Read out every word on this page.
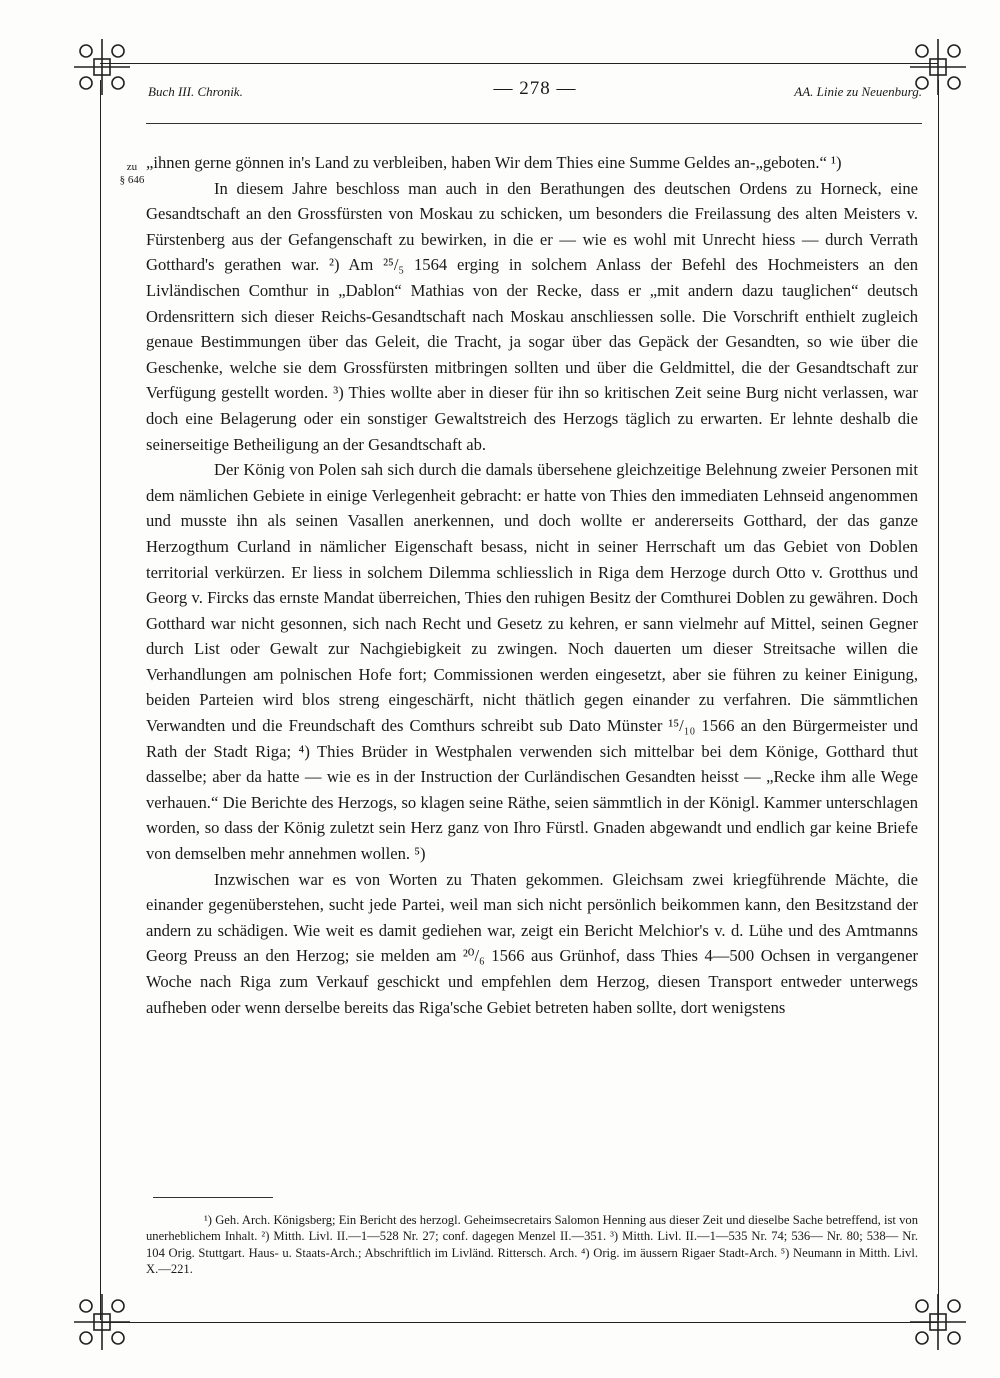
Buch III. Chronik.	— 278 —	AA. Linie zu Neuenburg.
zu
§ 646

„ihnen gerne gönnen in's Land zu verbleiben, haben Wir dem Thies eine Summe Geldes an-„geboten.“ ¹)

In diesem Jahre beschloss man auch in den Berathungen des deutschen Ordens zu Horneck, eine Gesandtschaft an den Grossfürsten von Moskau zu schicken, um besonders die Freilassung des alten Meisters v. Fürstenberg aus der Gefangenschaft zu bewirken, in die er — wie es wohl mit Unrecht hiess — durch Verrath Gotthard's gerathen war. ²) Am ²⁵/₅ 1564 erging in solchem Anlass der Befehl des Hochmeisters an den Livländischen Comthur in „Dablon“ Mathias von der Recke, dass er „mit andern dazu tauglichen“ deutsch Ordensrittern sich dieser Reichs-Gesandtschaft nach Moskau anschliessen solle. Die Vorschrift enthielt zugleich genaue Bestimmungen über das Geleit, die Tracht, ja sogar über das Gepäck der Gesandten, so wie über die Geschenke, welche sie dem Grossfürsten mitbringen sollten und über die Geldmittel, die der Gesandtschaft zur Verfügung gestellt worden. ³) Thies wollte aber in dieser für ihn so kritischen Zeit seine Burg nicht verlassen, war doch eine Belagerung oder ein sonstiger Gewaltstreich des Herzogs täglich zu erwarten. Er lehnte deshalb die seinerseitige Betheiligung an der Gesandtschaft ab.

Der König von Polen sah sich durch die damals übersehene gleichzeitige Belehnung zweier Personen mit dem nämlichen Gebiete in einige Verlegenheit gebracht: er hatte von Thies den immediaten Lehnseid angenommen und musste ihn als seinen Vasallen anerkennen, und doch wollte er andererseits Gotthard, der das ganze Herzogthum Curland in nämlicher Eigenschaft besass, nicht in seiner Herrschaft um das Gebiet von Doblen territorial verkürzen. Er liess in solchem Dilemma schliesslich in Riga dem Herzoge durch Otto v. Grotthus und Georg v. Fircks das ernste Mandat überreichen, Thies den ruhigen Besitz der Comthurei Doblen zu gewähren. Doch Gotthard war nicht gesonnen, sich nach Recht und Gesetz zu kehren, er sann vielmehr auf Mittel, seinen Gegner durch List oder Gewalt zur Nachgiebigkeit zu zwingen. Noch dauerten um dieser Streitsache willen die Verhandlungen am polnischen Hofe fort; Commissionen werden eingesetzt, aber sie führen zu keiner Einigung, beiden Parteien wird blos streng eingeschärft, nicht thätlich gegen einander zu verfahren. Die sämmtlichen Verwandten und die Freundschaft des Comthurs schreibt sub Dato Münster ¹⁵/₁₀ 1566 an den Bürgermeister und Rath der Stadt Riga; ⁴) Thies Brüder in Westphalen verwenden sich mittelbar bei dem Könige, Gotthard thut dasselbe; aber da hatte — wie es in der Instruction der Curländischen Gesandten heisst — „Recke ihm alle Wege verhauen.“ Die Berichte des Herzogs, so klagen seine Räthe, seien sämmtlich in der Königl. Kammer unterschlagen worden, so dass der König zuletzt sein Herz ganz von Ihro Fürstl. Gnaden abgewandt und endlich gar keine Briefe von demselben mehr annehmen wollen. ⁵)

Inzwischen war es von Worten zu Thaten gekommen. Gleichsam zwei kriegführende Mächte, die einander gegenüberstehen, sucht jede Partei, weil man sich nicht persönlich beikommen kann, den Besitzstand der andern zu schädigen. Wie weit es damit gediehen war, zeigt ein Bericht Melchior's v. d. Lühe und des Amtmanns Georg Preuss an den Herzog; sie melden am ²⁰/₆ 1566 aus Grünhof, dass Thies 4—500 Ochsen in vergangener Woche nach Riga zum Verkauf geschickt und empfehlen dem Herzog, diesen Transport entweder unterwegs aufheben oder wenn derselbe bereits das Riga'sche Gebiet betreten haben sollte, dort wenigstens

¹) Geh. Arch. Königsberg; Ein Bericht des herzogl. Geheimsecretairs Salomon Henning aus dieser Zeit und dieselbe Sache betreffend, ist von unerheblichem Inhalt. ²) Mitth. Livl. II.—1—528 Nr. 27; conf. dagegen Menzel II.—351. ³) Mitth. Livl. II.—1—535 Nr. 74; 536— Nr. 80; 538— Nr. 104 Orig. Stuttgart. Haus- u. Staats-Arch.; Abschriftlich im Livländ. Rittersch. Arch. ⁴) Orig. im äussern Rigaer Stadt-Arch. ⁵) Neumann in Mitth. Livl. X.—221.
